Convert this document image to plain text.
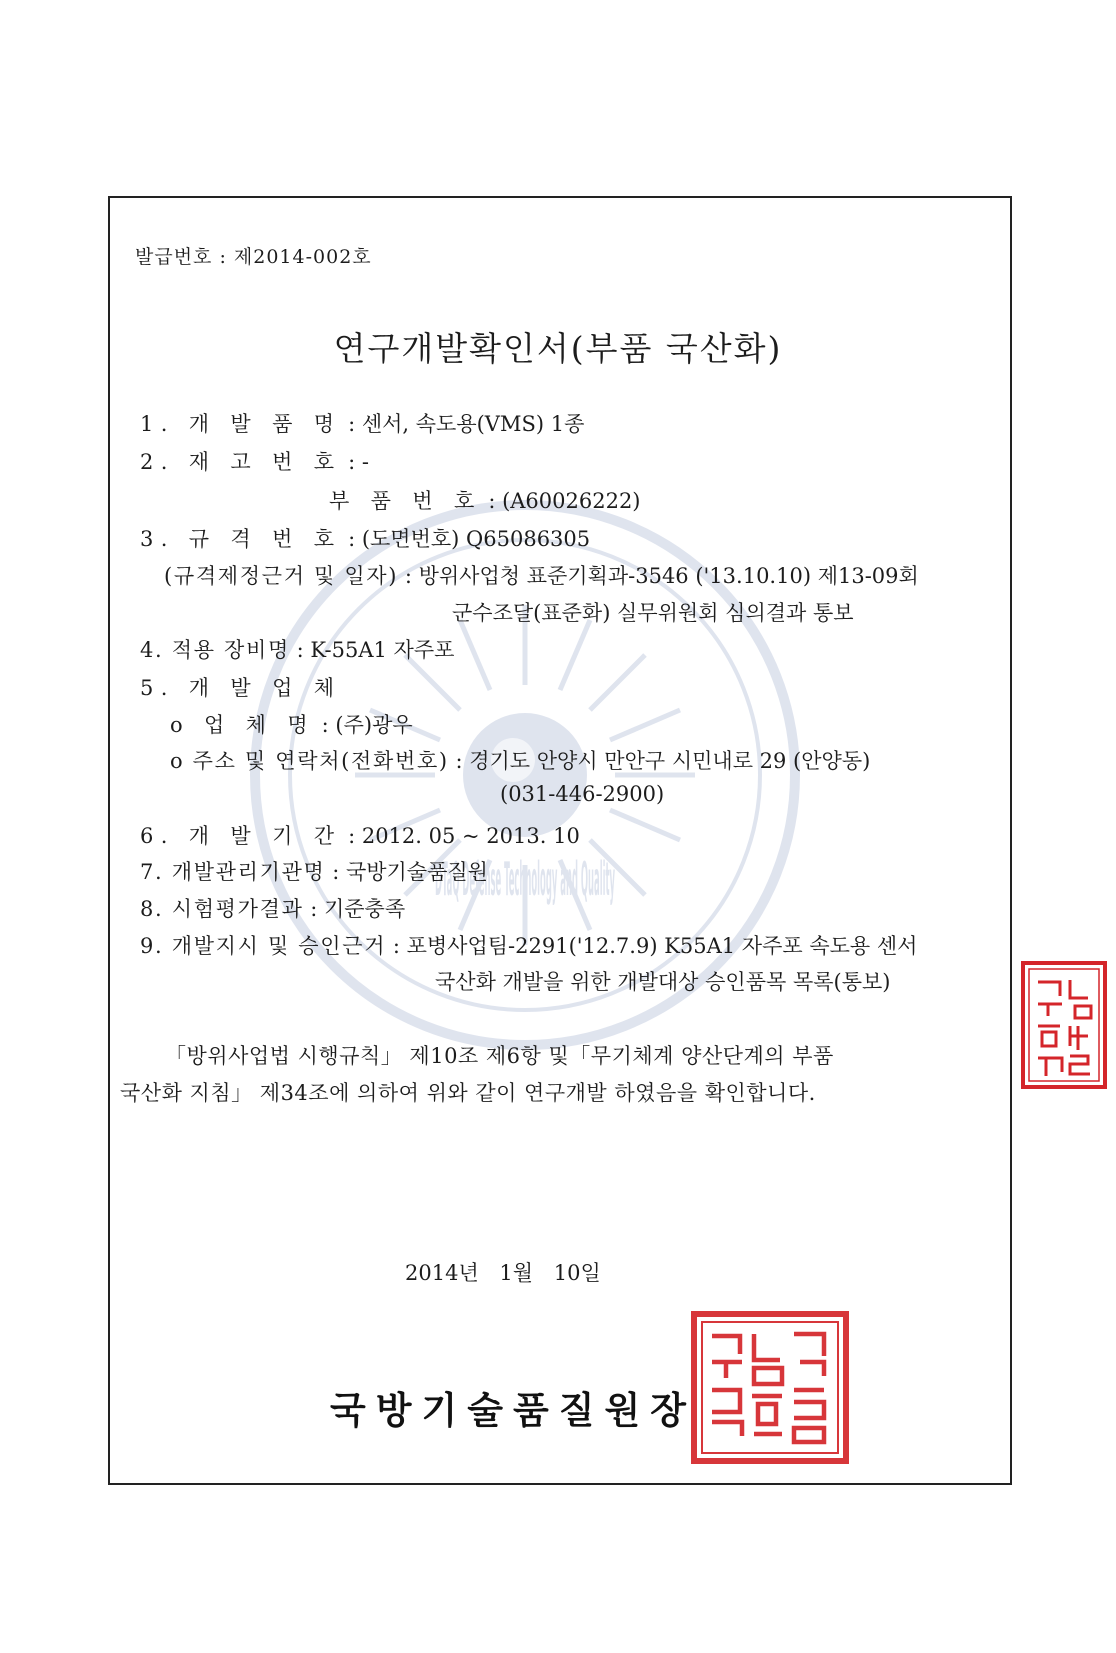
DTaQ Defense Technology and Quality
발급번호 : 제2014-002호
연구개발확인서(부품 국산화)
1. 개 발 품 명 : 센서, 속도용(VMS) 1종
2. 재 고 번 호 : -
부 품 번 호 : (A60026222)
3. 규 격 번 호 : (도면번호) Q65086305
(규격제정근거 및 일자) : 방위사업청 표준기획과-3546 ('13.10.10) 제13-09회
군수조달(표준화) 실무위원회 심의결과 통보
4. 적용 장비명 : K-55A1 자주포
5. 개 발 업 체
o 업 체 명 : (주)광우
o 주소 및 연락처(전화번호) : 경기도 안양시 만안구 시민내로 29 (안양동)
(031-446-2900)
6. 개 발 기 간 : 2012. 05 ~ 2013. 10
7. 개발관리기관명 : 국방기술품질원
8. 시험평가결과 : 기준충족
9. 개발지시 및 승인근거 : 포병사업팀-2291('12.7.9) K55A1 자주포 속도용 센서
국산화 개발을 위한 개발대상 승인품목 목록(통보)
「방위사업법 시행규칙」 제10조 제6항 및「무기체계 양산단계의 부품
국산화 지침」 제34조에 의하여 위와 같이 연구개발 하였음을 확인합니다.
2014년 1월 10일
국방기술품질원장
